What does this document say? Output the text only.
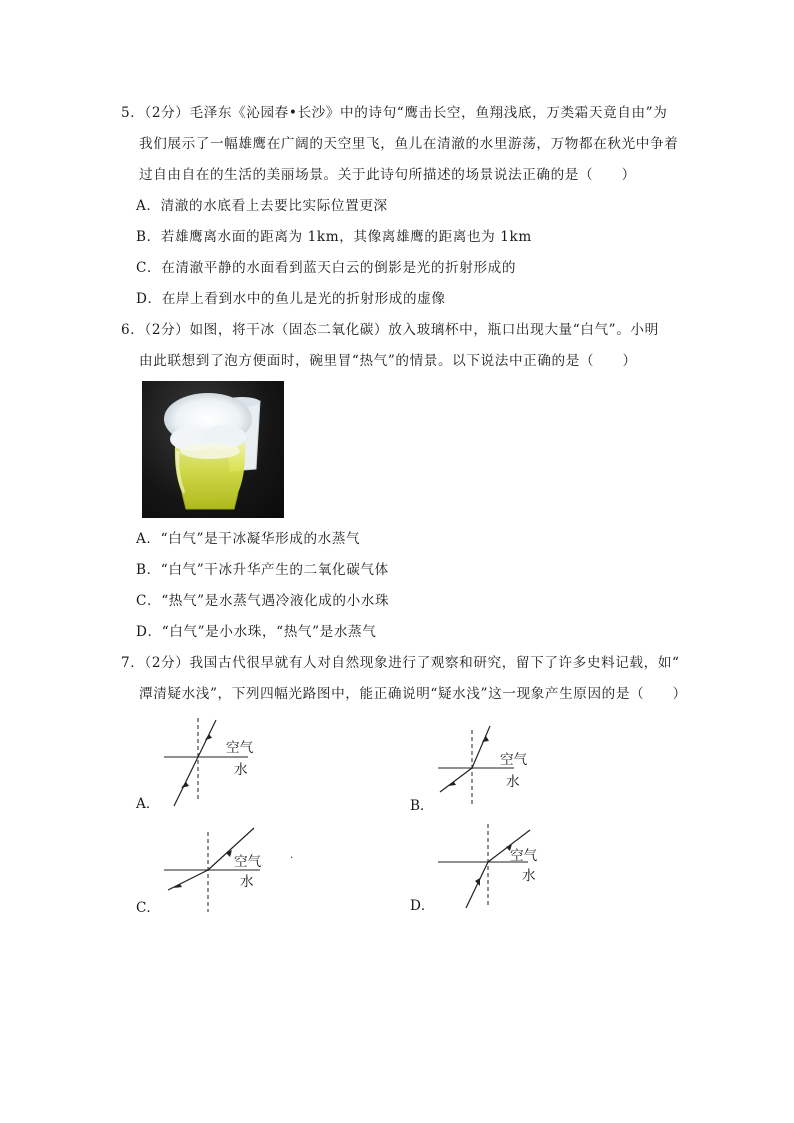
5．（2分）毛泽东《沁园春•长沙》中的诗句“鹰击长空，鱼翔浅底，万类霜天竟自由”为
我们展示了一幅雄鹰在广阔的天空里飞，鱼儿在清澈的水里游荡，万物都在秋光中争着
过自由自在的生活的美丽场景。关于此诗句所描述的场景说法正确的是（　　）
A．清澈的水底看上去要比实际位置更深
B．若雄鹰离水面的距离为 1km，其像离雄鹰的距离也为 1km
C．在清澈平静的水面看到蓝天白云的倒影是光的折射形成的
D．在岸上看到水中的鱼儿是光的折射形成的虚像
6．（2分）如图，将干冰（固态二氧化碳）放入玻璃杯中，瓶口出现大量“白气”。小明
由此联想到了泡方便面时，碗里冒“热气”的情景。以下说法中正确的是（　　）
A．“白气”是干冰凝华形成的水蒸气
B．“白气”干冰升华产生的二氧化碳气体
C．“热气”是水蒸气遇冷液化成的小水珠
D．“白气”是小水珠，“热气”是水蒸气
7．（2分）我国古代很早就有人对自然现象进行了观察和研究，留下了许多史料记载，如“
潭清疑水浅”，下列四幅光路图中，能正确说明“疑水浅”这一现象产生原因的是（　　）
空气
水
A．
空气
水
B．
空气
水
C．
.	空气
水
D．
